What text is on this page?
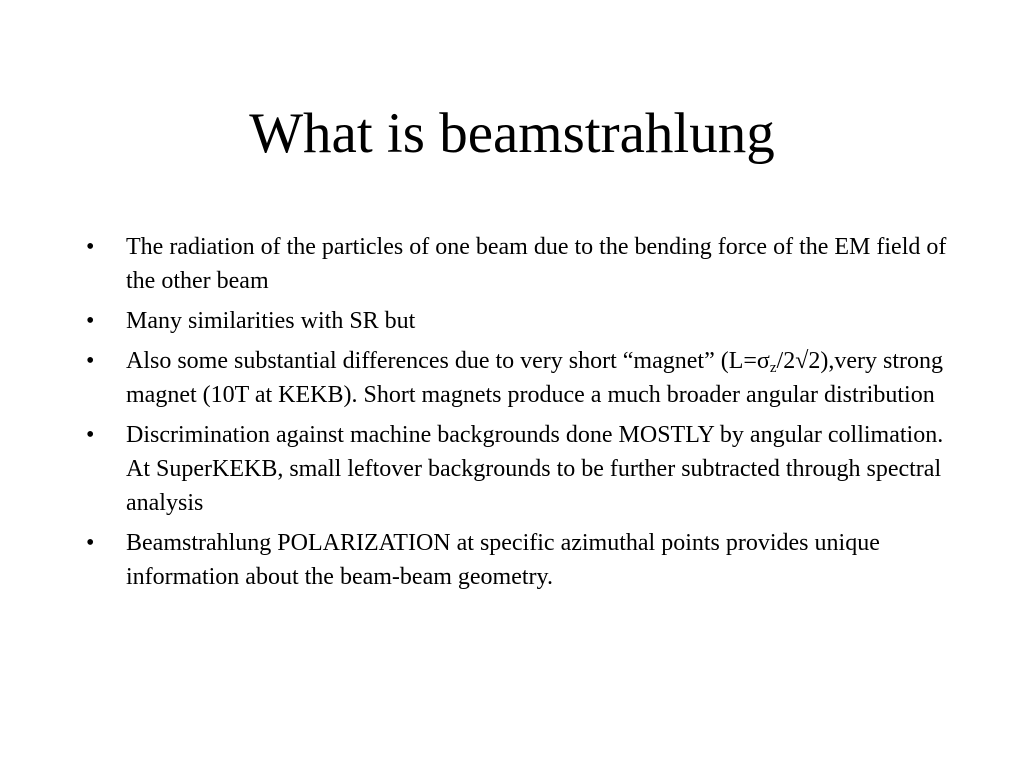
What is beamstrahlung
•	The radiation of the particles of one beam due to the bending force of the EM field of the other beam
•	Many similarities with SR but
•	Also some substantial differences due to very short “magnet” $(L=\sigma_z/2√2),very$ strong magnet (10T at KEKB). Short magnets produce a much broader angular distribution
•	Discrimination against machine backgrounds done MOSTLY by angular collimation. At SuperKEKB, small leftover backgrounds to be further subtracted through spectral analysis
•	Beamstrahlung POLARIZATION at specific azimuthal points provides unique information about the beam-beam geometry.
